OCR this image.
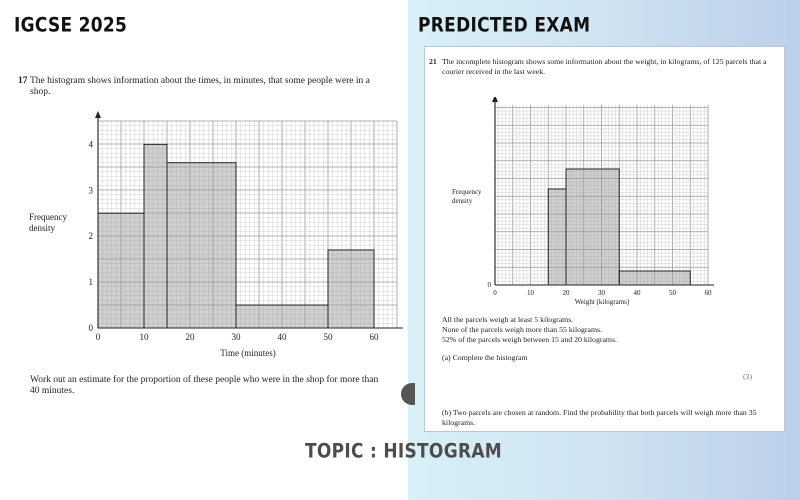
IGCSE 2025	PREDICTED EXAM
17 The histogram shows information about the times, in minutes, that some people were in a shop.
0	10	20	30	40	50	60
0
1
2
3
4
Frequency
density
Time (minutes)
Work out an estimate for the proportion of these people who were in the shop for more than 40 minutes.
21 The incomplete histogram shows some information about the weight, in kilograms, of 125 parcels that a courier received in the last week.
0	10	20	30	40	50	60
0
Frequency
density
Weight (kilograms)
All the parcels weigh at least 5 kilograms.
None of the parcels weigh more than 55 kilograms.
52% of the parcels weigh between 15 and 20 kilograms.
(a) Complete the histogram
(3)
(b) Two parcels are chosen at random. Find the probability that both parcels will weigh more than 35 kilograms.
TOPIC : HISTOGRAM
